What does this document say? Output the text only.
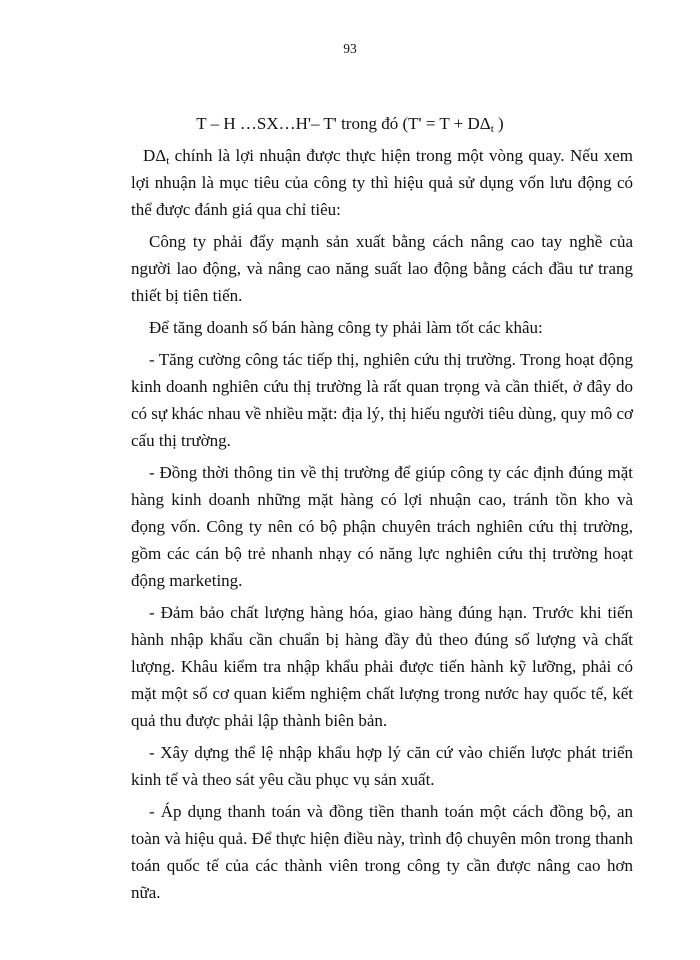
93
T – H …SX…H'– T' trong đó ($T' = T + D\Delta_t$ )

$D\Delta_t$ chính là lợi nhuận được thực hiện trong một vòng quay. Nếu xem lợi nhuận là mục tiêu của công ty thì hiệu quả sử dụng vốn lưu động có thể được đánh giá qua chỉ tiêu:

Công ty phải đẩy mạnh sản xuất bằng cách nâng cao tay nghề của người lao động, và nâng cao năng suất lao động bằng cách đầu tư trang thiết bị tiên tiến.

Để tăng doanh số bán hàng công ty phải làm tốt các khâu:

- Tăng cường công tác tiếp thị, nghiên cứu thị trường. Trong hoạt động kinh doanh nghiên cứu thị trường là rất quan trọng và cần thiết, ở đây do có sự khác nhau về nhiều mặt: địa lý, thị hiếu người tiêu dùng, quy mô cơ cấu thị trường.

- Đồng thời thông tin về thị trường để giúp công ty các định đúng mặt hàng kinh doanh những mặt hàng có lợi nhuận cao, tránh tồn kho và đọng vốn. Công ty nên có bộ phận chuyên trách nghiên cứu thị trường, gồm các cán bộ trẻ nhanh nhạy có năng lực nghiên cứu thị trường hoạt động marketing.

- Đảm bảo chất lượng hàng hóa, giao hàng đúng hạn. Trước khi tiến hành nhập khẩu cần chuẩn bị hàng đầy đủ theo đúng số lượng và chất lượng. Khâu kiểm tra nhập khẩu phải được tiến hành kỹ lưỡng, phải có mặt một số cơ quan kiểm nghiệm chất lượng trong nước hay quốc tế, kết quả thu được phải lập thành biên bản.

- Xây dựng thể lệ nhập khẩu hợp lý căn cứ vào chiến lược phát triển kinh tế và theo sát yêu cầu phục vụ sản xuất.

- Áp dụng thanh toán và đồng tiền thanh toán một cách đồng bộ, an toàn và hiệu quả. Để thực hiện điều này, trình độ chuyên môn trong thanh toán quốc tế của các thành viên trong công ty cần được nâng cao hơn nữa.
